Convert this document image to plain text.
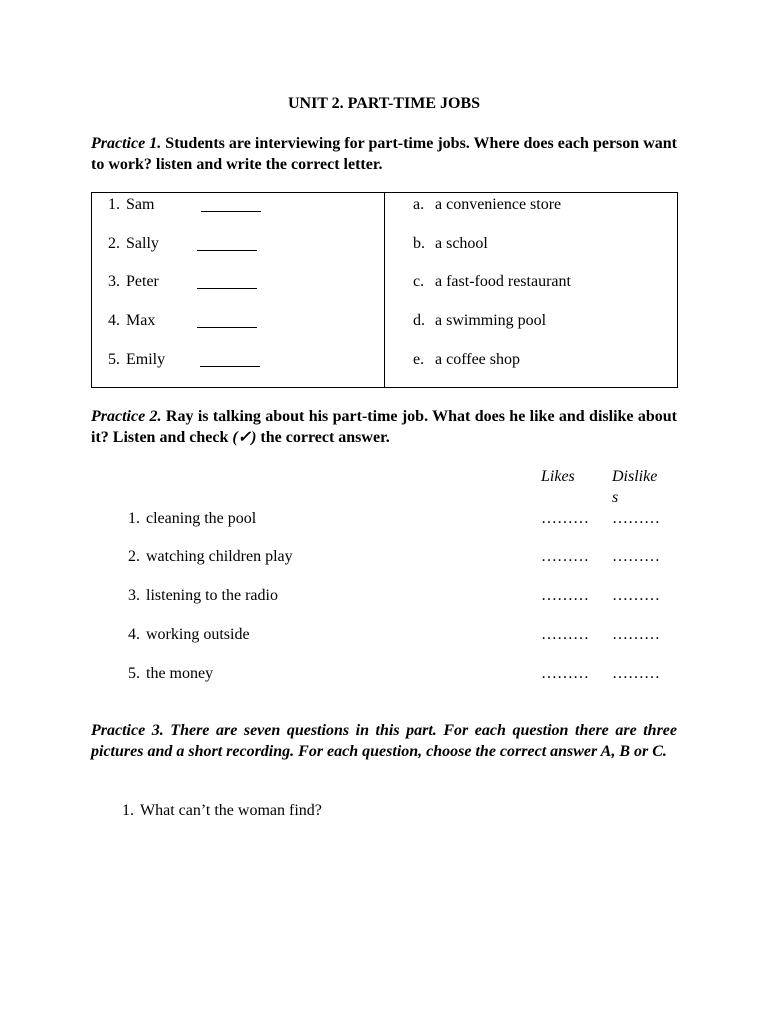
UNIT 2. PART-TIME JOBS
Practice 1. Students are interviewing for part-time jobs. Where does each person want to work? listen and write the correct letter.
1. Sam
2. Sally
3. Peter
4. Max
5. Emily
a. a convenience store
b. a school
c. a fast-food restaurant
d. a swimming pool
e. a coffee shop
Practice 2. Ray is talking about his part-time job. What does he like and dislike about it? Listen and check (✓) the correct answer.
Likes Dislike
s
1. cleaning the pool	……… ………
2. watching children play	……… ………
3. listening to the radio	……… ………
4. working outside	……… ………
5. the money	……… ………
Practice 3. There are seven questions in this part. For each question there are three pictures and a short recording. For each question, choose the correct answer A, B or C.
1. What can’t the woman find?
